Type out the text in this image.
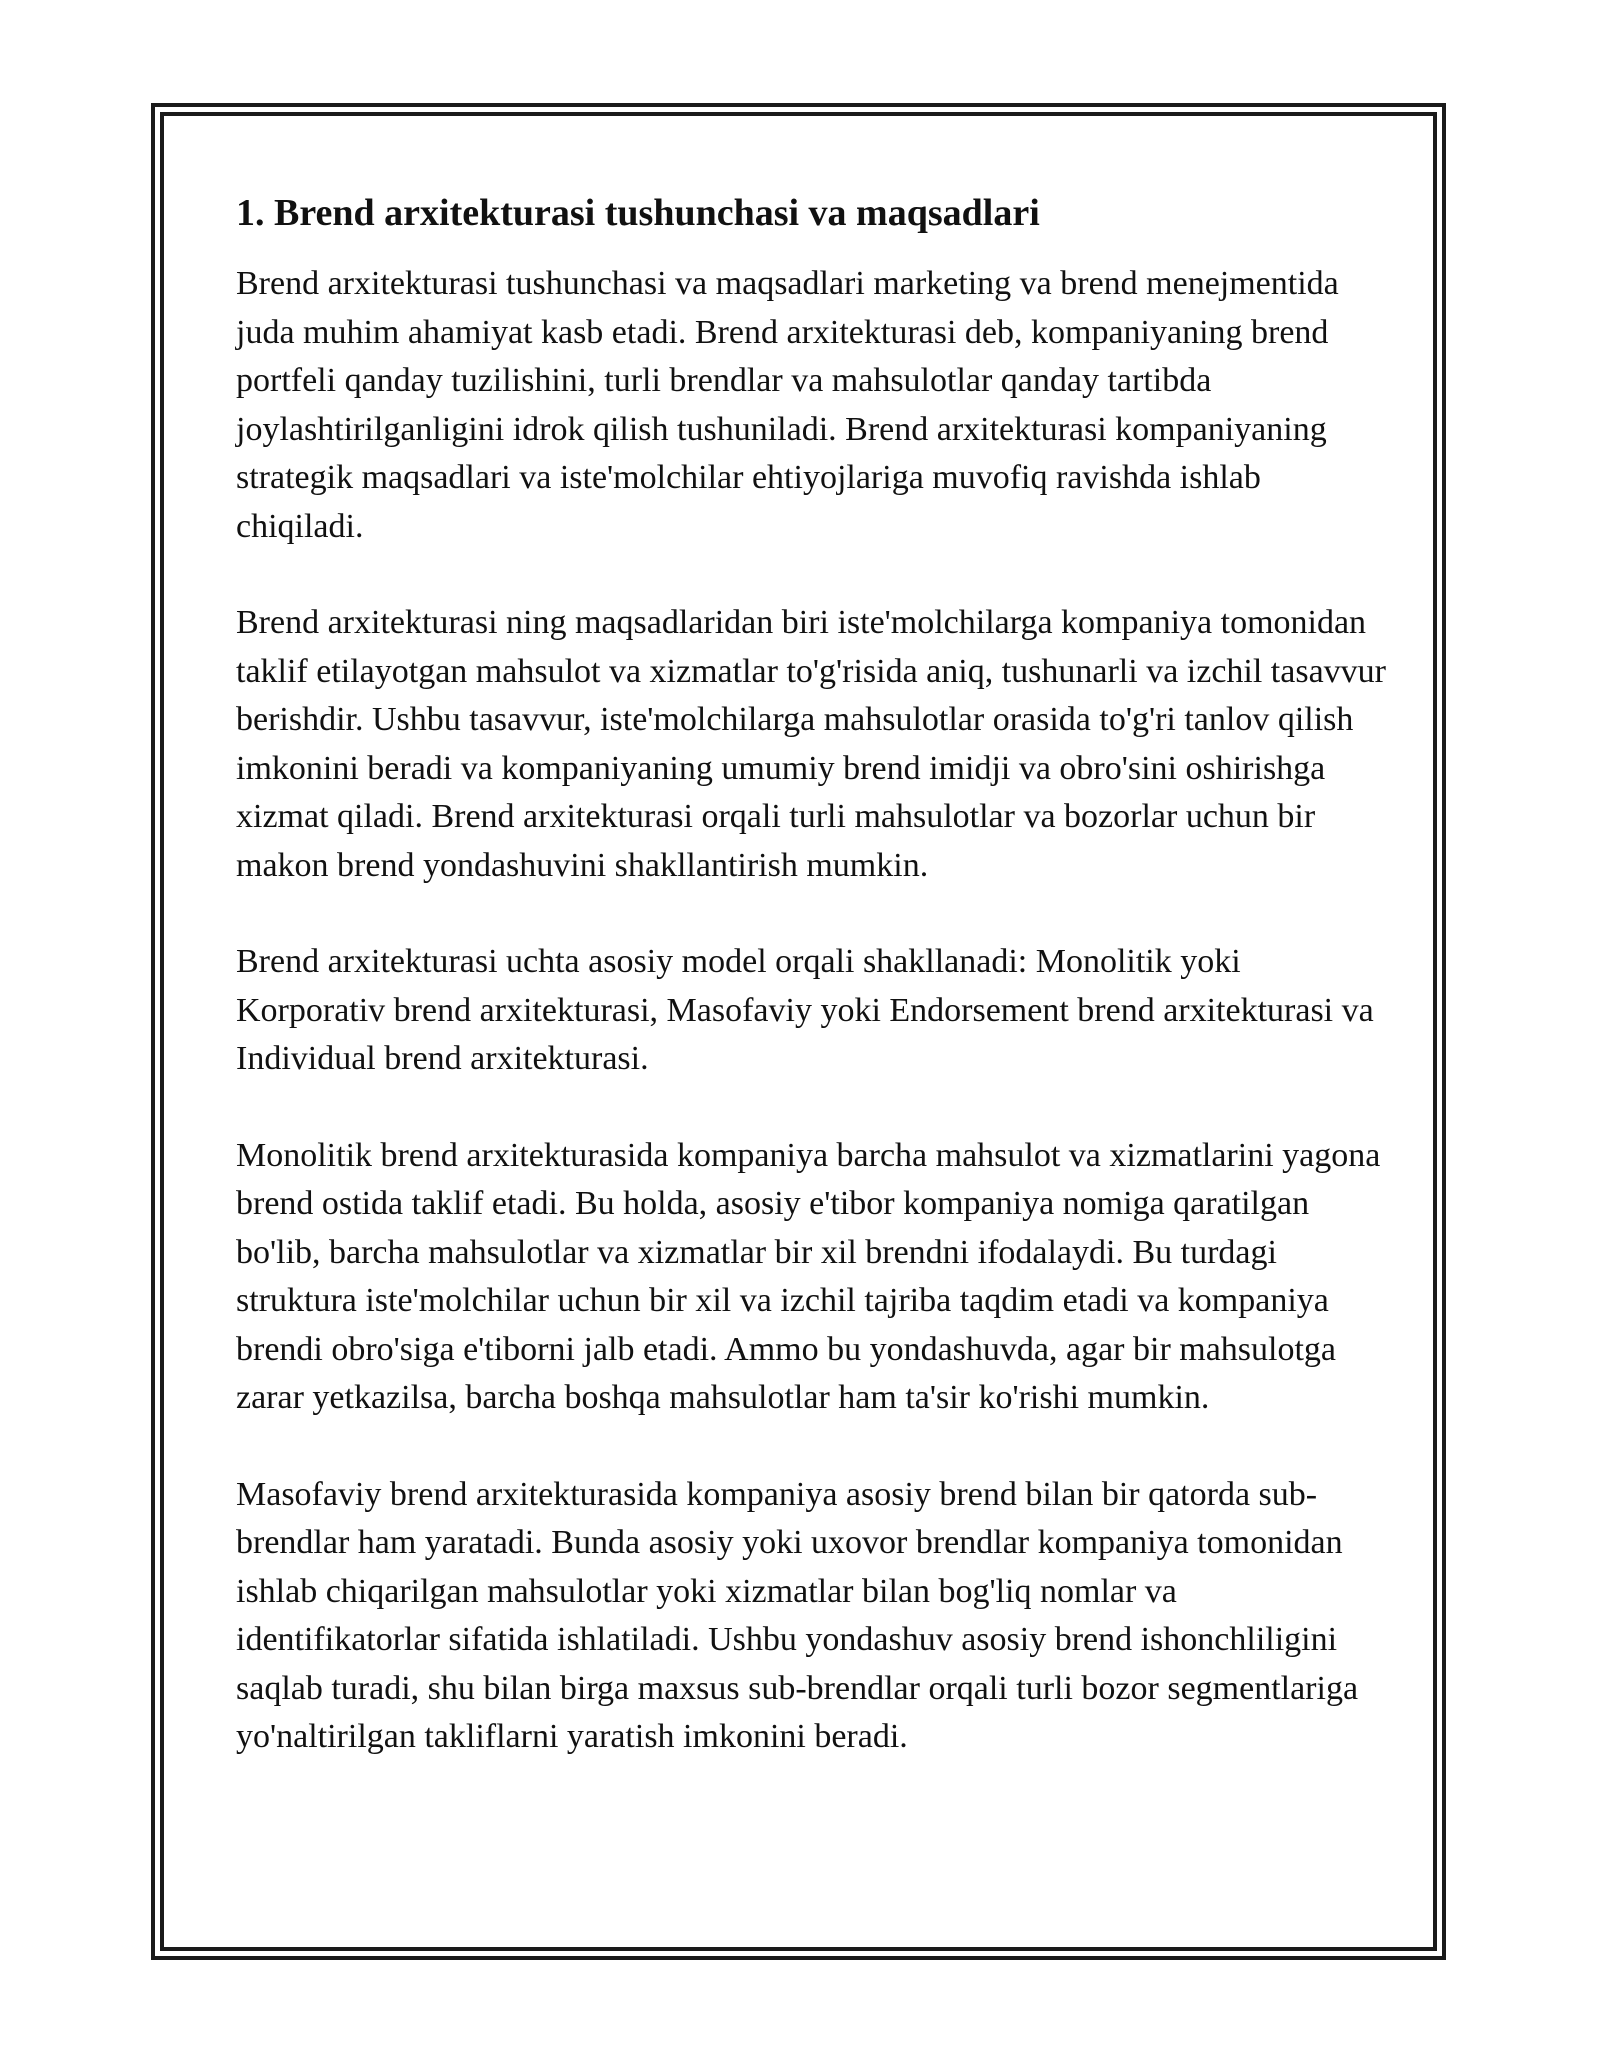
1. Brend arxitekturasi tushunchasi va maqsadlari

Brend arxitekturasi tushunchasi va maqsadlari marketing va brend menejmentida juda muhim ahamiyat kasb etadi. Brend arxitekturasi deb, kompaniyaning brend portfeli qanday tuzilishini, turli brendlar va mahsulotlar qanday tartibda joylashtirilganligini idrok qilish tushuniladi. Brend arxitekturasi kompaniyaning strategik maqsadlari va iste'molchilar ehtiyojlariga muvofiq ravishda ishlab chiqiladi.

Brend arxitekturasi ning maqsadlaridan biri iste'molchilarga kompaniya tomonidan taklif etilayotgan mahsulot va xizmatlar to'g'risida aniq, tushunarli va izchil tasavvur berishdir. Ushbu tasavvur, iste'molchilarga mahsulotlar orasida to'g'ri tanlov qilish imkonini beradi va kompaniyaning umumiy brend imidji va obro'sini oshirishga xizmat qiladi. Brend arxitekturasi orqali turli mahsulotlar va bozorlar uchun bir makon brend yondashuvini shakllantirish mumkin.

Brend arxitekturasi uchta asosiy model orqali shakllanadi: Monolitik yoki Korporativ brend arxitekturasi, Masofaviy yoki Endorsement brend arxitekturasi va Individual brend arxitekturasi.

Monolitik brend arxitekturasida kompaniya barcha mahsulot va xizmatlarini yagona brend ostida taklif etadi. Bu holda, asosiy e'tibor kompaniya nomiga qaratilgan bo'lib, barcha mahsulotlar va xizmatlar bir xil brendni ifodalaydi. Bu turdagi struktura iste'molchilar uchun bir xil va izchil tajriba taqdim etadi va kompaniya brendi obro'siga e'tiborni jalb etadi. Ammo bu yondashuvda, agar bir mahsulotga zarar yetkazilsa, barcha boshqa mahsulotlar ham ta'sir ko'rishi mumkin.

Masofaviy brend arxitekturasida kompaniya asosiy brend bilan bir qatorda sub-brendlar ham yaratadi. Bunda asosiy yoki uxovor brendlar kompaniya tomonidan ishlab chiqarilgan mahsulotlar yoki xizmatlar bilan bog'liq nomlar va identifikatorlar sifatida ishlatiladi. Ushbu yondashuv asosiy brend ishonchliligini saqlab turadi, shu bilan birga maxsus sub-brendlar orqali turli bozor segmentlariga yo'naltirilgan takliflarni yaratish imkonini beradi.
